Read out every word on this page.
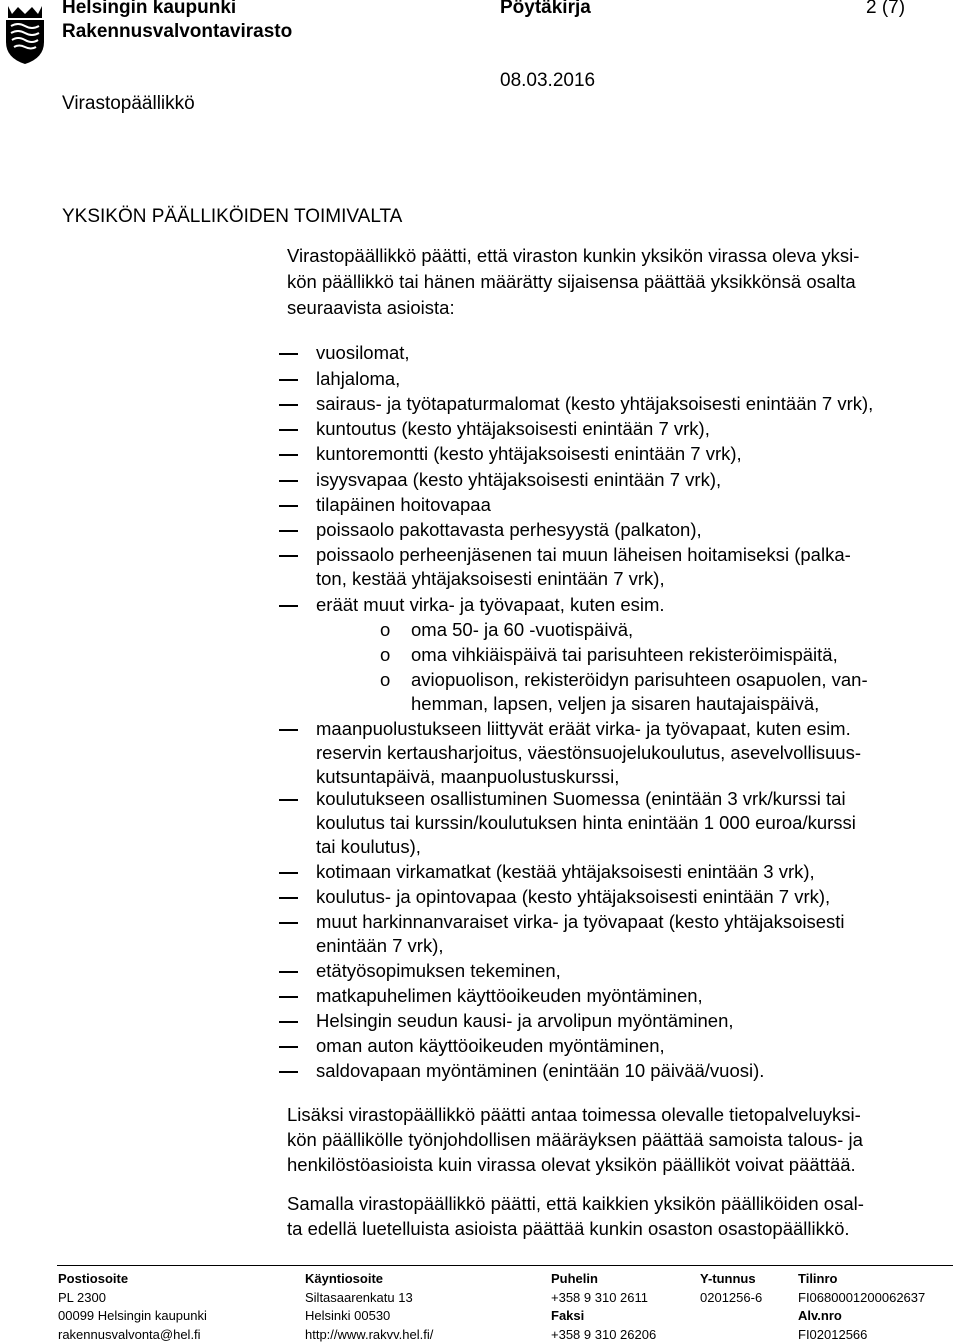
Helsingin kaupunki
Rakennusvalvontavirasto
Pöytäkirja	2 (7)
08.03.2016
Virastopäällikkö
YKSIKÖN PÄÄLLIKÖIDEN TOIMIVALTA
Virastopäällikkö päätti, että viraston kunkin yksikön virassa oleva yksi-
kön päällikkö tai hänen määrätty sijaisensa päättää yksikkönsä osalta
seuraavista asioista:
vuosilomat,
lahjaloma,
sairaus- ja työtapaturmalomat (kesto yhtäjaksoisesti enintään 7 vrk),
kuntoutus (kesto yhtäjaksoisesti enintään 7 vrk),
kuntoremontti (kesto yhtäjaksoisesti enintään 7 vrk),
isyysvapaa (kesto yhtäjaksoisesti enintään 7 vrk),
tilapäinen hoitovapaa
poissaolo pakottavasta perhesyystä (palkaton),
poissaolo perheenjäsenen tai muun läheisen hoitamiseksi (palka-
ton, kestää yhtäjaksoisesti enintään 7 vrk),
eräät muut virka- ja työvapaat, kuten esim.
o oma 50- ja 60 -vuotispäivä,
o oma vihkiäispäivä tai parisuhteen rekisteröimispäitä,
o aviopuolison, rekisteröidyn parisuhteen osapuolen, van-
hemman, lapsen, veljen ja sisaren hautajaispäivä,
maanpuolustukseen liittyvät eräät virka- ja työvapaat, kuten esim.
reservin kertausharjoitus, väestönsuojelukoulutus, asevelvollisuus-
kutsuntapäivä, maanpuolustuskurssi,
koulutukseen osallistuminen Suomessa (enintään 3 vrk/kurssi tai
koulutus tai kurssin/koulutuksen hinta enintään 1 000 euroa/kurssi
tai koulutus),
kotimaan virkamatkat (kestää yhtäjaksoisesti enintään 3 vrk),
koulutus- ja opintovapaa (kesto yhtäjaksoisesti enintään 7 vrk),
muut harkinnanvaraiset virka- ja työvapaat (kesto yhtäjaksoisesti
enintään 7 vrk),
etätyösopimuksen tekeminen,
matkapuhelimen käyttöoikeuden myöntäminen,
Helsingin seudun kausi- ja arvolipun myöntäminen,
oman auton käyttöoikeuden myöntäminen,
saldovapaan myöntäminen (enintään 10 päivää/vuosi).
Lisäksi virastopäällikkö päätti antaa toimessa olevalle tietopalveluyksi-
kön päällikölle työnjohdollisen määräyksen päättää samoista talous- ja
henkilöstöasioista kuin virassa olevat yksikön päälliköt voivat päättää.
Samalla virastopäällikkö päätti, että kaikkien yksikön päälliköiden osal-
ta edellä luetelluista asioista päättää kunkin osaston osastopäällikkö.
Postiosoite
PL 2300
00099 Helsingin kaupunki
rakennusvalvonta@hel.fi
Käyntiosoite
Siltasaarenkatu 13
Helsinki 00530
http://www.rakvv.hel.fi/
Puhelin
+358 9 310 2611
Faksi
+358 9 310 26206
Y-tunnus
0201256-6
Tilinro
FI0680001200062637
Alv.nro
FI02012566
